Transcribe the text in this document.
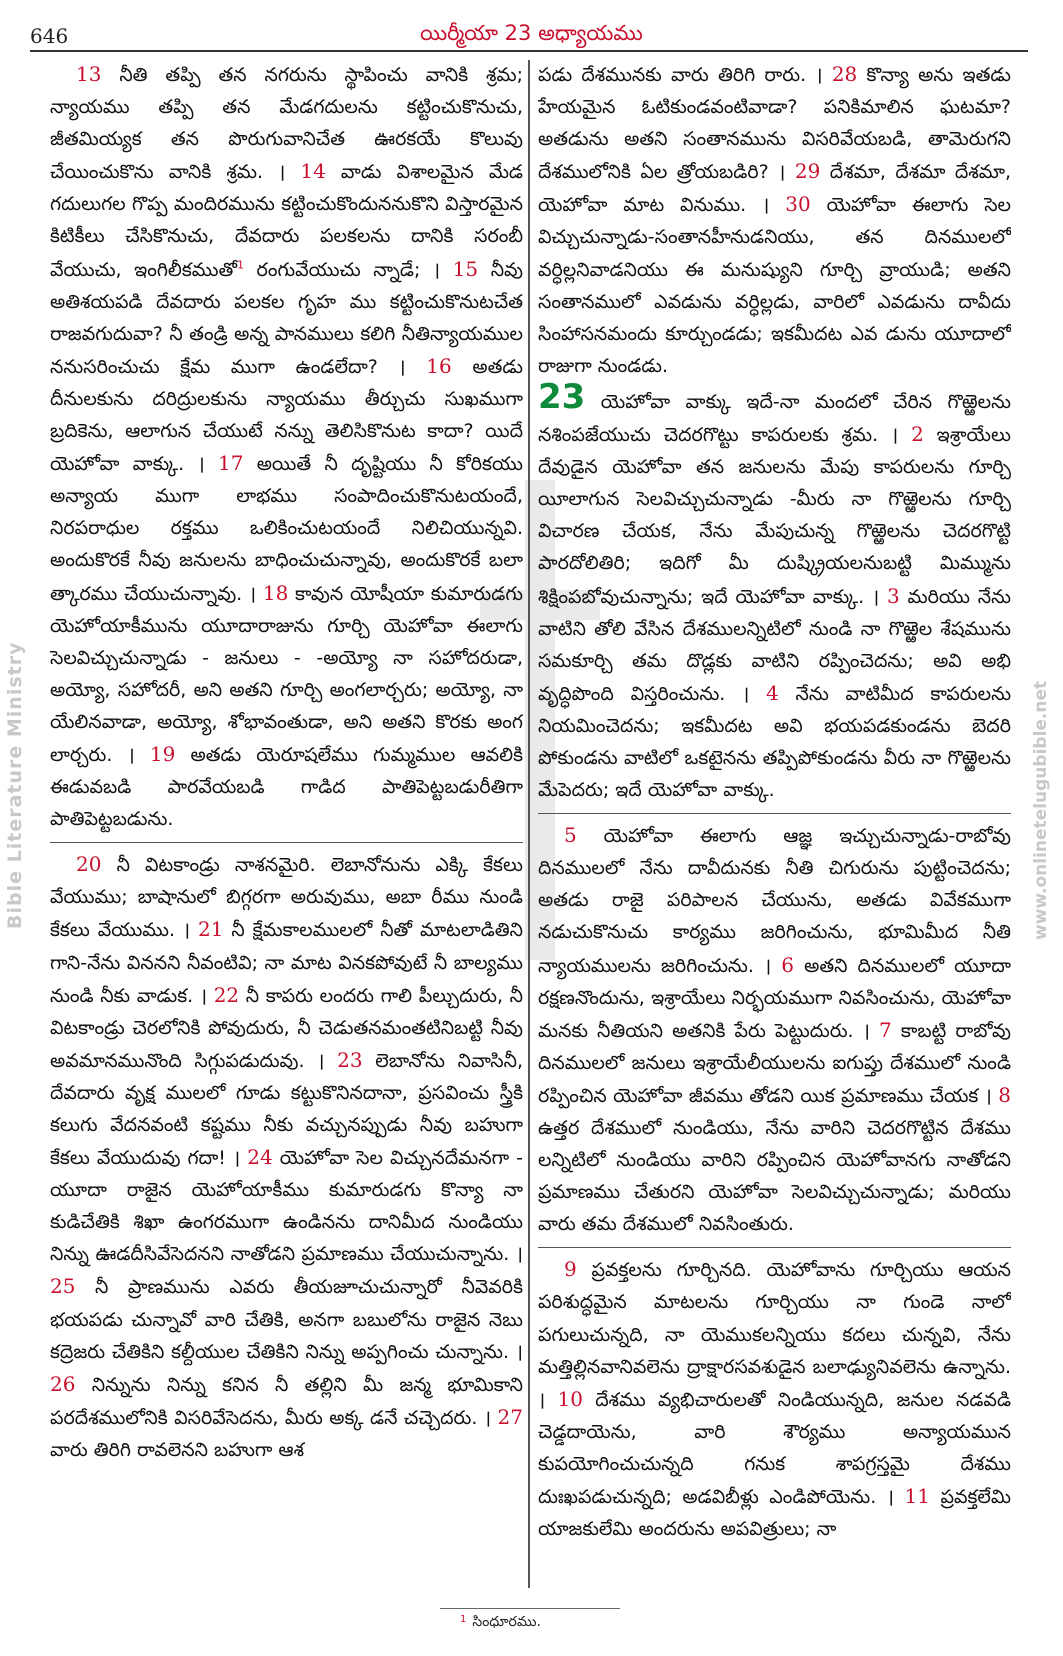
646	యిర్మీయా 23 అధ్యాయము
Bible Literature Ministry	www.onlinetelugubible.net

13 నీతి తప్పి తన నగరును స్థాపించు వానికి శ్రమ; న్యాయము తప్పి తన మేడగదులను కట్టించుకొనుచు, జీతమియ్యక తన పొరుగువానిచేత ఊరకయే కొలువు చేయించుకొను వానికి శ్రమ. । 14 వాడు విశాలమైన మేడ గదులుగల గొప్ప మందిరమును కట్టించుకొందుననుకొని విస్తారమైన కిటికీలు చేసికొనుచు, దేవదారు పలకలను దానికి సరంబీ వేయుచు, ఇంగిలీకముతో$^1$ రంగువేయుచు న్నాడే; । 15 నీవు అతిశయపడి దేవదారు పలకల గృహ ము కట్టించుకొనుటచేత రాజవగుదువా? నీ తండ్రి అన్న పానములు కలిగి నీతిన్యాయముల ననుసరించుచు క్షేమ ముగా ఉండలేదా? । 16 అతడు దీనులకును దరిద్రులకును న్యాయము తీర్చుచు సుఖముగా బ్రదికెను, ఆలాగున చేయుటే నన్ను తెలిసికొనుట కాదా? యిదే యెహోవా వాక్కు. । 17 అయితే నీ దృష్టియు నీ కోరికయు అన్యాయ ముగా లాభము సంపాదించుకొనుటయందే, నిరపరాధుల రక్తము ఒలికించుటయందే నిలిచియున్నవి. అందుకొరకే నీవు జనులను బాధించుచున్నావు, అందుకొరకే బలా త్కారము చేయుచున్నావు. । 18 కావున యోషీయా కుమారుడగు యెహోయాకీమును యూదారాజును గూర్చి యెహోవా ఈలాగు సెలవిచ్చుచున్నాడు - జనులు - -అయ్యో నా సహోదరుడా, అయ్యో, సహోదరీ, అని అతని గూర్చి అంగలార్చరు; అయ్యో, నా యేలినవాడా, అయ్యో, శోభావంతుడా, అని అతని కొరకు అంగ లార్చరు. । 19 అతడు యెరూషలేము గుమ్మముల ఆవలికి ఈడువబడి పారవేయబడి గాడిద పాతిపెట్టబడురీతిగా పాతిపెట్టబడును.

20 నీ విటకాండ్రు నాశనమైరి. లెబానోనును ఎక్కి కేకలు వేయుము; బాషానులో బిగ్గరగా అరువుము, అబా రీము నుండి కేకలు వేయుము. । 21 నీ క్షేమకాలములలో నీతో మాటలాడితిని గాని-నేను విననని నీవంటివి; నా మాట వినకపోవుటే నీ బాల్యము నుండి నీకు వాడుక. । 22 నీ కాపరు లందరు గాలి పీల్చుదురు, నీ విటకాండ్రు చెరలోనికి పోవుదురు, నీ చెడుతనమంతటినిబట్టి నీవు అవమానమునొంది సిగ్గుపడుదువు. । 23 లెబానోను నివాసినీ, దేవదారు వృక్ష ములలో గూడు కట్టుకొనినదానా, ప్రసవించు స్త్రీకి కలుగు వేదనవంటి కష్టము నీకు వచ్చునప్పుడు నీవు బహుగా కేకలు వేయుదువు గదా! । 24 యెహోవా సెల విచ్చునదేమనగా - యూదా రాజైన యెహోయాకీము కుమారుడగు కొన్యా నా కుడిచేతికి శిఖా ఉంగరముగా ఉండినను దానిమీద నుండియు నిన్ను ఊడదీసివేసెదనని నాతోడని ప్రమాణము చేయుచున్నాను. । 25 నీ ప్రాణమును ఎవరు తీయజూచుచున్నారో నీవెవరికి భయపడు చున్నావో వారి చేతికి, అనగా బబులోను రాజైన నెబు కద్రెజరు చేతికిని కల్దీయుల చేతికిని నిన్ను అప్పగించు చున్నాను. । 26 నిన్నును నిన్ను కనిన నీ తల్లిని మీ జన్మ భూమికాని పరదేశములోనికి విసరివేసెదను, మీరు అక్క డనే చచ్చెదరు. । 27 వారు తిరిగి రావలెనని బహుగా ఆశ

పడు దేశమునకు వారు తిరిగి రారు. । 28 కొన్యా అను ఇతడు హేయమైన ఓటికుండవంటివాడా? పనికిమాలిన ఘటమా? అతడును అతని సంతానమును విసరివేయబడి, తామెరుగని దేశములోనికి ఏల త్రోయబడిరి? । 29 దేశమా, దేశమా దేశమా, యెహోవా మాట వినుము. । 30 యెహోవా ఈలాగు సెల విచ్చుచున్నాడు-సంతానహీనుడనియు, తన దినములలో వర్ధిల్లనివాడనియు ఈ మనుష్యుని గూర్చి వ్రాయుడి; అతని సంతానములో ఎవడును వర్ధిల్లడు, వారిలో ఎవడును దావీదు సింహాసనమందు కూర్చుండడు; ఇకమీదట ఎవ డును యూదాలో రాజుగా నుండడు.

23 యెహోవా వాక్కు ఇదే-నా మందలో చేరిన గొఱ్ఱెలను నశింపజేయుచు చెదరగొట్టు కాపరులకు శ్రమ. । 2 ఇశ్రాయేలు దేవుడైన యెహోవా తన జనులను మేపు కాపరులను గూర్చి యీలాగున సెలవిచ్చుచున్నాడు -మీరు నా గొఱ్ఱెలను గూర్చి విచారణ చేయక, నేను మేపుచున్న గొఱ్ఱెలను చెదరగొట్టి పారదోలితిరి; ఇదిగో మీ దుష్క్రియలనుబట్టి మిమ్మును శిక్షింపబోవుచున్నాను; ఇదే యెహోవా వాక్కు. । 3 మరియు నేను వాటిని తోలి వేసిన దేశములన్నిటిలో నుండి నా గొఱ్ఱెల శేషమును సమకూర్చి తమ దొడ్లకు వాటిని రప్పించెదను; అవి అభి వృద్ధిపొంది విస్తరించును. । 4 నేను వాటిమీద కాపరులను నియమించెదను; ఇకమీదట అవి భయపడకుండను బెదరి పోకుండను వాటిలో ఒకటైనను తప్పిపోకుండను వీరు నా గొఱ్ఱెలను మేపెదరు; ఇదే యెహోవా వాక్కు.

5 యెహోవా ఈలాగు ఆజ్ఞ ఇచ్చుచున్నాడు-రాబోవు దినములలో నేను దావీదునకు నీతి చిగురును పుట్టించెదను; అతడు రాజై పరిపాలన చేయును, అతడు వివేకముగా నడుచుకొనుచు కార్యము జరిగించును, భూమిమీద నీతి న్యాయములను జరిగించును. । 6 అతని దినములలో యూదా రక్షణనొందును, ఇశ్రాయేలు నిర్భయముగా నివసించును, యెహోవా మనకు నీతియని అతనికి పేరు పెట్టుదురు. । 7 కాబట్టి రాబోవు దినములలో జనులు ఇశ్రాయేలీయులను ఐగుప్తు దేశములో నుండి రప్పించిన యెహోవా జీవము తోడని యిక ప్రమాణము చేయక । 8 ఉత్తర దేశములో నుండియు, నేను వారిని చెదరగొట్టిన దేశము లన్నిటిలో నుండియు వారిని రప్పించిన యెహోవానగు నాతోడని ప్రమాణము చేతురని యెహోవా సెలవిచ్చుచున్నాడు; మరియు వారు తమ దేశములో నివసింతురు.

9 ప్రవక్తలను గూర్చినది. యెహోవాను గూర్చియు ఆయన పరిశుద్ధమైన మాటలను గూర్చియు నా గుండె నాలో పగులుచున్నది, నా యెముకలన్నియు కదలు చున్నవి, నేను మత్తిల్లినవానివలెను ద్రాక్షారసవశుడైన బలాఢ్యునివలెను ఉన్నాను. । 10 దేశము వ్యభిచారులతో నిండియున్నది, జనుల నడవడి చెడ్డదాయెను, వారి శౌర్యము అన్యాయమున కుపయోగించుచున్నది గనుక శాపగ్రస్తమై దేశము దుఃఖపడుచున్నది; అడవిబీళ్లు ఎండిపోయెను. । 11 ప్రవక్తలేమి యాజకులేమి అందరును అపవిత్రులు; నా

$^1$ సింధూరము.
